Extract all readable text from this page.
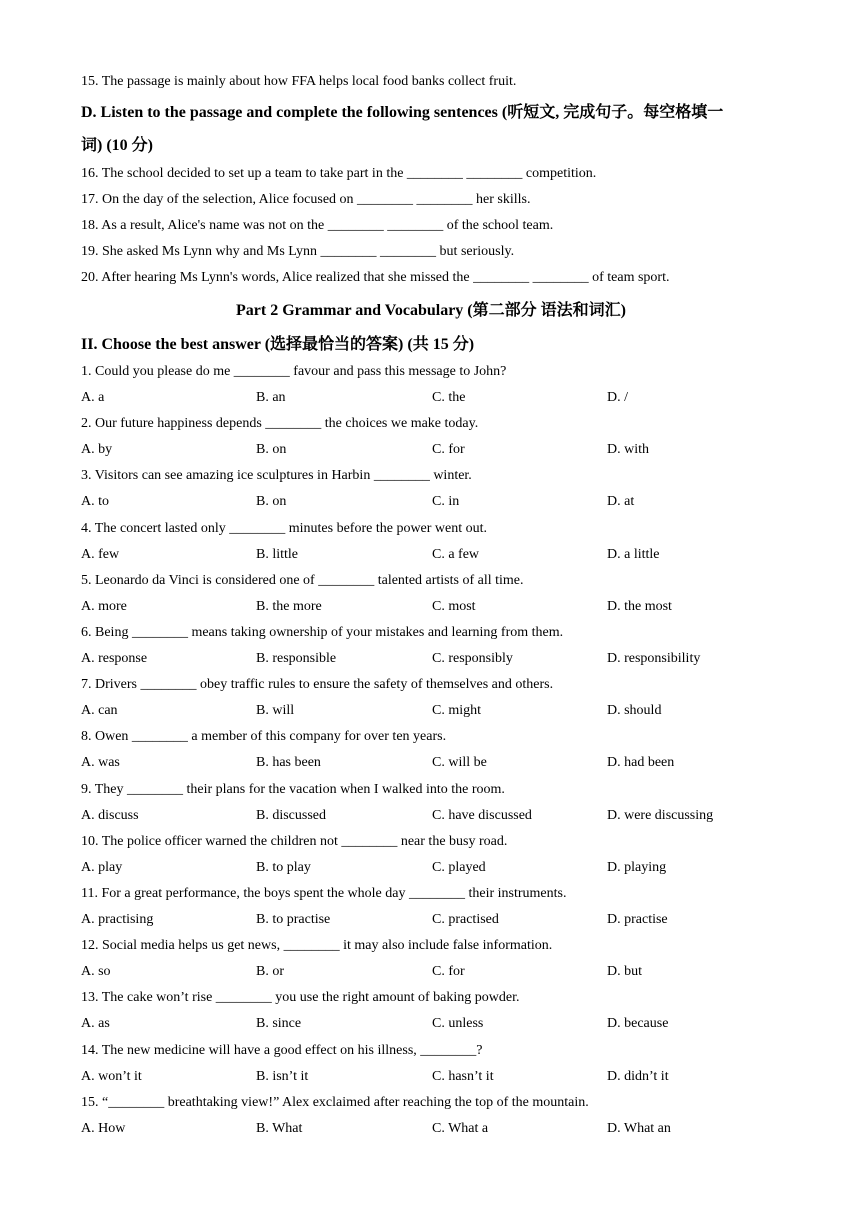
15. The passage is mainly about how FFA helps local food banks collect fruit.
D. Listen to the passage and complete the following sentences (听短文, 完成句子。每空格填一
词) (10 分)
16. The school decided to set up a team to take part in the ________ ________ competition.
17. On the day of the selection, Alice focused on ________ ________ her skills.
18. As a result, Alice's name was not on the ________ ________ of the school team.
19. She asked Ms Lynn why and Ms Lynn ________ ________ but seriously.
20. After hearing Ms Lynn's words, Alice realized that she missed the ________ ________ of team sport.
Part 2 Grammar and Vocabulary (第二部分 语法和词汇)
II. Choose the best answer (选择最恰当的答案) (共 15 分)
1. Could you please do me ________ favour and pass this message to John?
A. a	B. an	C. the	D. /
2. Our future happiness depends ________ the choices we make today.
A. by	B. on	C. for	D. with
3. Visitors can see amazing ice sculptures in Harbin ________ winter.
A. to	B. on	C. in	D. at
4. The concert lasted only ________ minutes before the power went out.
A. few	B. little	C. a few	D. a little
5. Leonardo da Vinci is considered one of ________ talented artists of all time.
A. more	B. the more	C. most	D. the most
6. Being ________ means taking ownership of your mistakes and learning from them.
A. response	B. responsible	C. responsibly	D. responsibility
7. Drivers ________ obey traffic rules to ensure the safety of themselves and others.
A. can	B. will	C. might	D. should
8. Owen ________ a member of this company for over ten years.
A. was	B. has been	C. will be	D. had been
9. They ________ their plans for the vacation when I walked into the room.
A. discuss	B. discussed	C. have discussed	D. were discussing
10. The police officer warned the children not ________ near the busy road.
A. play	B. to play	C. played	D. playing
11. For a great performance, the boys spent the whole day ________ their instruments.
A. practising	B. to practise	C. practised	D. practise
12. Social media helps us get news, ________ it may also include false information.
A. so	B. or	C. for	D. but
13. The cake won’t rise ________ you use the right amount of baking powder.
A. as	B. since	C. unless	D. because
14. The new medicine will have a good effect on his illness, ________?
A. won’t it	B. isn’t it	C. hasn’t it	D. didn’t it
15. “________ breathtaking view!” Alex exclaimed after reaching the top of the mountain.
A. How	B. What	C. What a	D. What an
